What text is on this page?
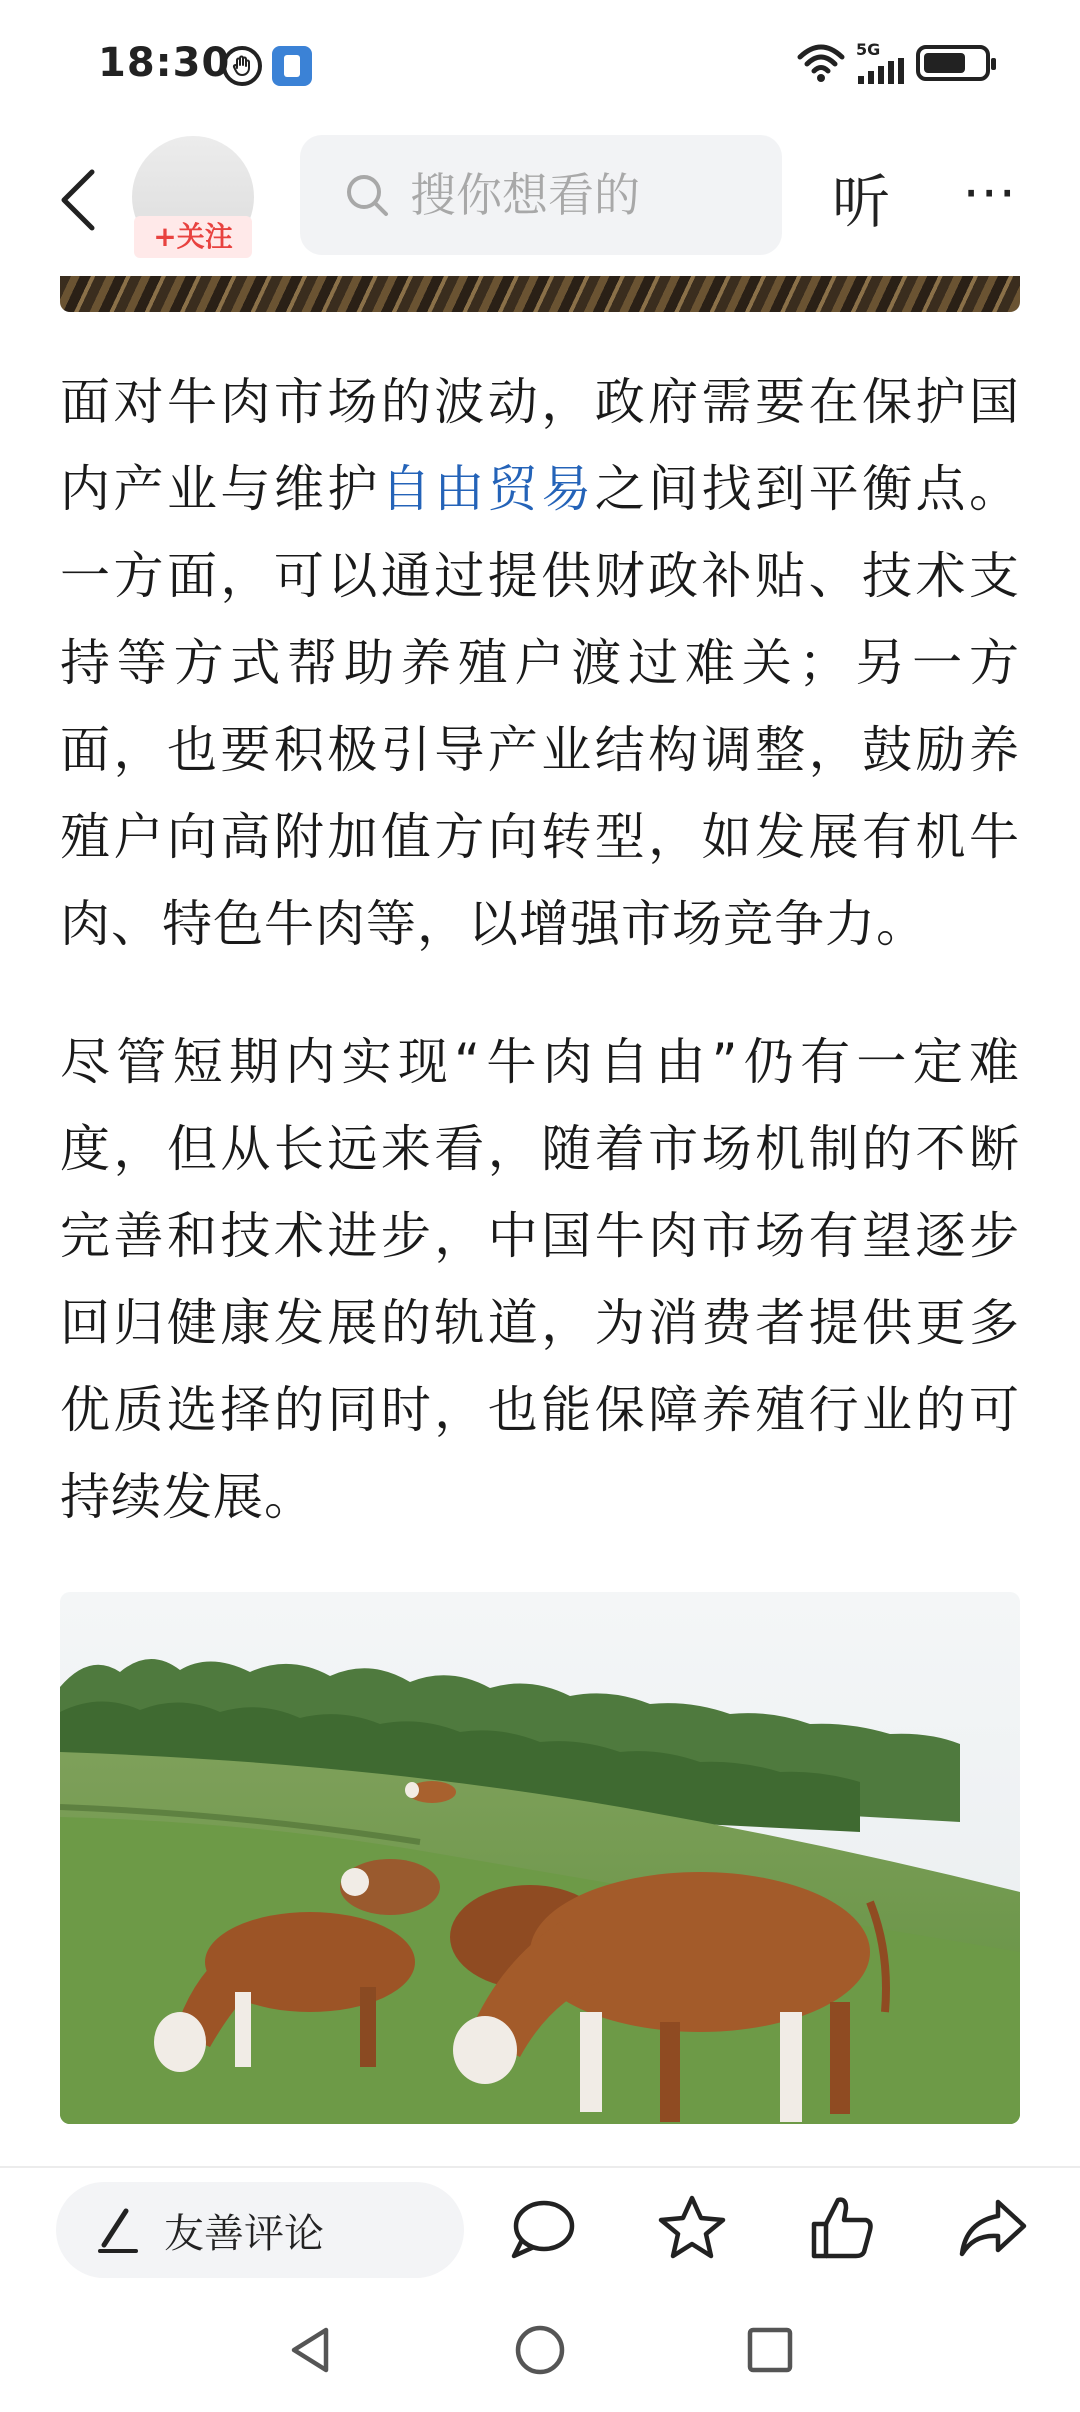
18:30	5G
+关注
搜你想看的
听 ⋯

面对牛肉市场的波动，政府需要在保护国内产业与维护自由贸易之间找到平衡点。一方面，可以通过提供财政补贴、技术支持等方式帮助养殖户渡过难关；另一方面，也要积极引导产业结构调整，鼓励养殖户向高附加值方向转型，如发展有机牛肉、特色牛肉等，以增强市场竞争力。

尽管短期内实现“牛肉自由”仍有一定难度，但从长远来看，随着市场机制的不断完善和技术进步，中国牛肉市场有望逐步回归健康发展的轨道，为消费者提供更多优质选择的同时，也能保障养殖行业的可持续发展。

友善评论
